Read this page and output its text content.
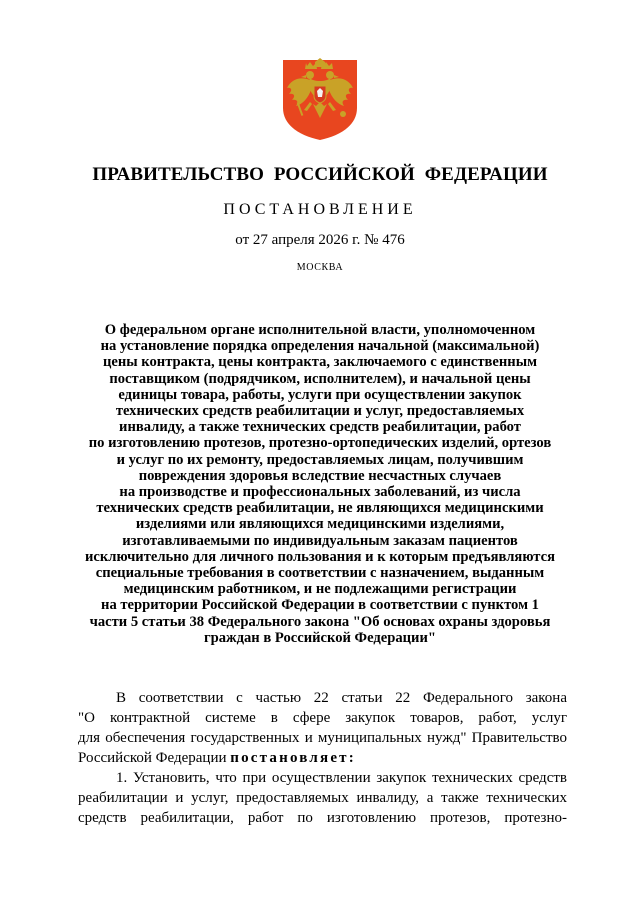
ПРАВИТЕЛЬСТВО РОССИЙСКОЙ ФЕДЕРАЦИИ
ПОСТАНОВЛЕНИЕ
от 27 апреля 2026 г. № 476
МОСКВА
О федеральном органе исполнительной власти, уполномоченном
на установление порядка определения начальной (максимальной)
цены контракта, цены контракта, заключаемого с единственным
поставщиком (подрядчиком, исполнителем), и начальной цены
единицы товара, работы, услуги при осуществлении закупок
технических средств реабилитации и услуг, предоставляемых
инвалиду, а также технических средств реабилитации, работ
по изготовлению протезов, протезно-ортопедических изделий, ортезов
и услуг по их ремонту, предоставляемых лицам, получившим
повреждения здоровья вследствие несчастных случаев
на производстве и профессиональных заболеваний, из числа
технических средств реабилитации, не являющихся медицинскими
изделиями или являющихся медицинскими изделиями,
изготавливаемыми по индивидуальным заказам пациентов
исключительно для личного пользования и к которым предъявляются
специальные требования в соответствии с назначением, выданным
медицинским работником, и не подлежащими регистрации
на территории Российской Федерации в соответствии с пунктом 1
части 5 статьи 38 Федерального закона "Об основах охраны здоровья
граждан в Российской Федерации"
В соответствии с частью 22 статьи 22 Федерального закона
"О контрактной системе в сфере закупок товаров, работ, услуг
для обеспечения государственных и муниципальных нужд" Правительство
Российской Федерации постановляет:
1. Установить, что при осуществлении закупок технических средств
реабилитации и услуг, предоставляемых инвалиду, а также технических
средств реабилитации, работ по изготовлению протезов, протезно-
